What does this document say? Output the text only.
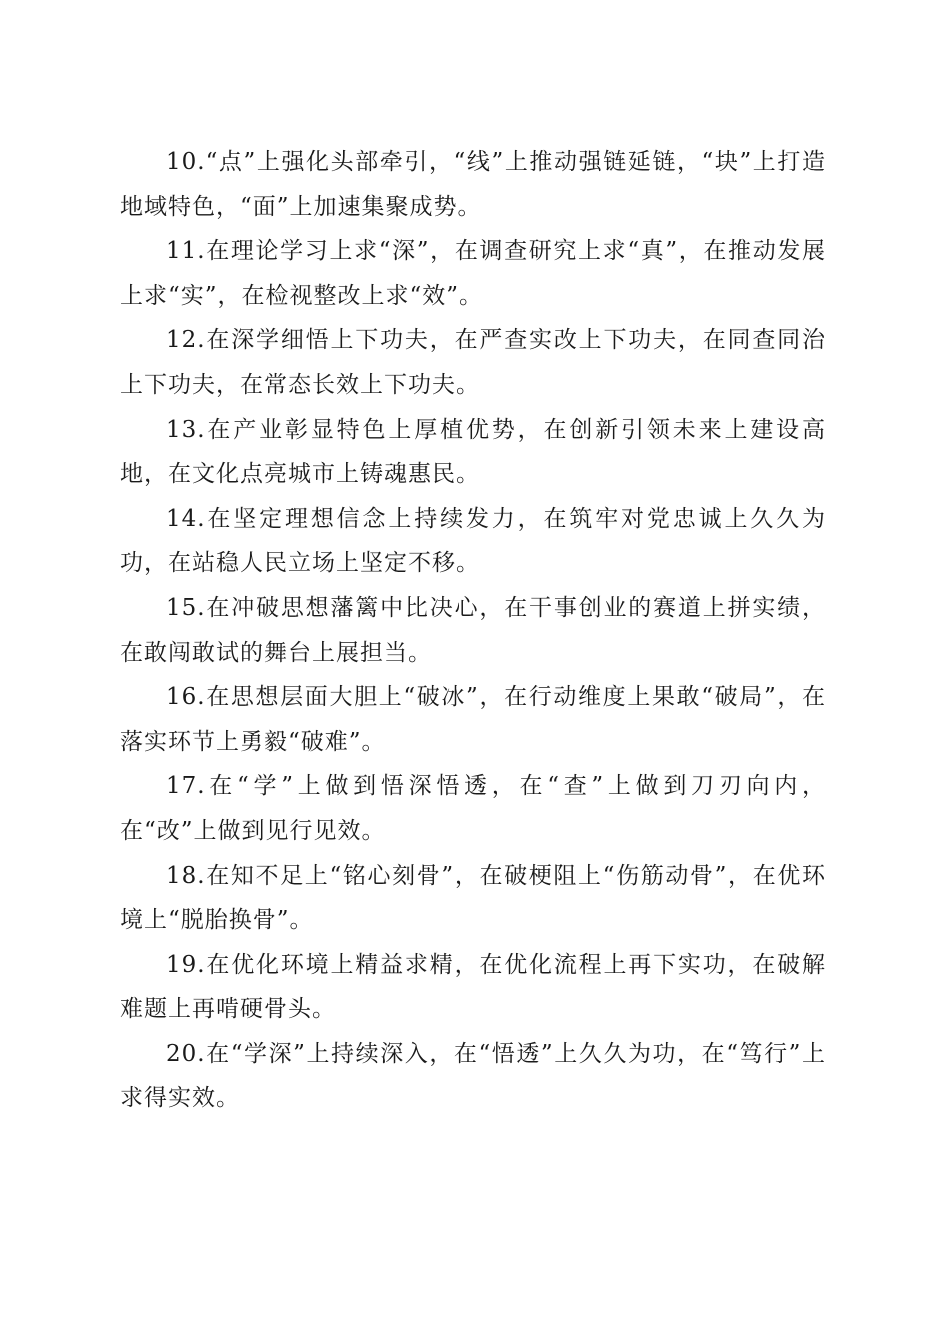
10.“点”上强化头部牵引，“线”上推动强链延链，“块”上打造地域特色，“面”上加速集聚成势。

11.在理论学习上求“深”，在调查研究上求“真”，在推动发展上求“实”，在检视整改上求“效”。

12.在深学细悟上下功夫，在严查实改上下功夫，在同查同治上下功夫，在常态长效上下功夫。

13.在产业彰显特色上厚植优势，在创新引领未来上建设高地，在文化点亮城市上铸魂惠民。

14.在坚定理想信念上持续发力，在筑牢对党忠诚上久久为功，在站稳人民立场上坚定不移。

15.在冲破思想藩篱中比决心，在干事创业的赛道上拼实绩，在敢闯敢试的舞台上展担当。

16.在思想层面大胆上“破冰”，在行动维度上果敢“破局”，在落实环节上勇毅“破难”。

17.在“学”上做到悟深悟透，在“查”上做到刀刃向内，在“改”上做到见行见效。

18.在知不足上“铭心刻骨”，在破梗阻上“伤筋动骨”，在优环境上“脱胎换骨”。

19.在优化环境上精益求精，在优化流程上再下实功，在破解难题上再啃硬骨头。

20.在“学深”上持续深入，在“悟透”上久久为功，在“笃行”上求得实效。
